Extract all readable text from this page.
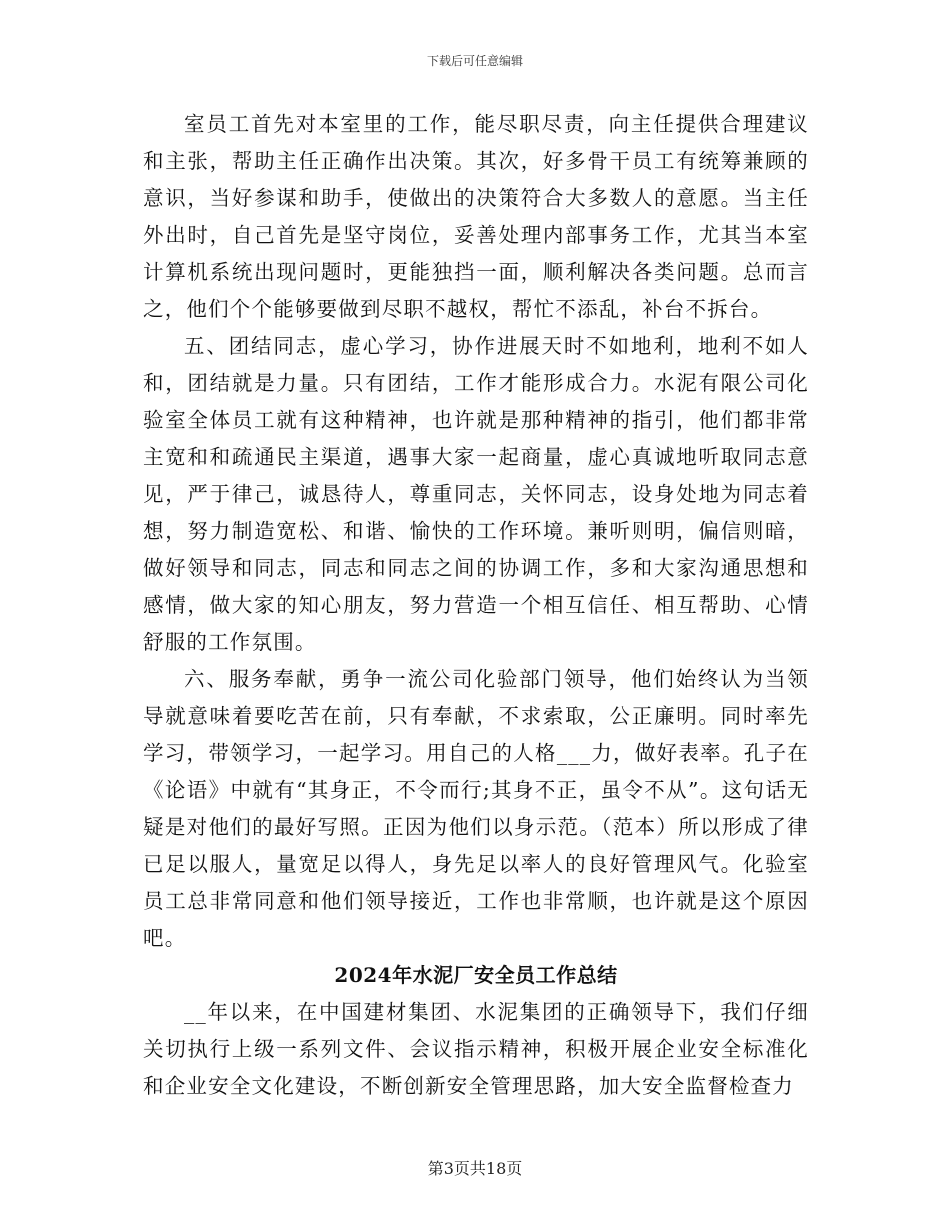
下载后可任意编辑

室员工首先对本室里的工作，能尽职尽责，向主任提供合理建议和主张，帮助主任正确作出决策。其次，好多骨干员工有统筹兼顾的意识，当好参谋和助手，使做出的决策符合大多数人的意愿。当主任外出时，自己首先是坚守岗位，妥善处理内部事务工作，尤其当本室计算机系统出现问题时，更能独挡一面，顺利解决各类问题。总而言之，他们个个能够要做到尽职不越权，帮忙不添乱，补台不拆台。

五、团结同志，虚心学习，协作进展天时不如地利，地利不如人和，团结就是力量。只有团结，工作才能形成合力。水泥有限公司化验室全体员工就有这种精神，也许就是那种精神的指引，他们都非常主宽和和疏通民主渠道，遇事大家一起商量，虚心真诚地听取同志意见，严于律己，诚恳待人，尊重同志，关怀同志，设身处地为同志着想，努力制造宽松、和谐、愉快的工作环境。兼听则明，偏信则暗，做好领导和同志，同志和同志之间的协调工作，多和大家沟通思想和感情，做大家的知心朋友，努力营造一个相互信任、相互帮助、心情舒服的工作氛围。

六、服务奉献，勇争一流公司化验部门领导，他们始终认为当领导就意味着要吃苦在前，只有奉献，不求索取，公正廉明。同时率先学习，带领学习，一起学习。用自己的人格___力，做好表率。孔子在《论语》中就有“其身正，不令而行;其身不正，虽令不从”。这句话无疑是对他们的最好写照。正因为他们以身示范。（范本）所以形成了律已足以服人，量宽足以得人，身先足以率人的良好管理风气。化验室员工总非常同意和他们领导接近，工作也非常顺，也许就是这个原因吧。

2024年水泥厂安全员工作总结

__年以来，在中国建材集团、水泥集团的正确领导下，我们仔细关切执行上级一系列文件、会议指示精神，积极开展企业安全标准化和企业安全文化建设，不断创新安全管理思路，加大安全监督检查力

第3页共18页
